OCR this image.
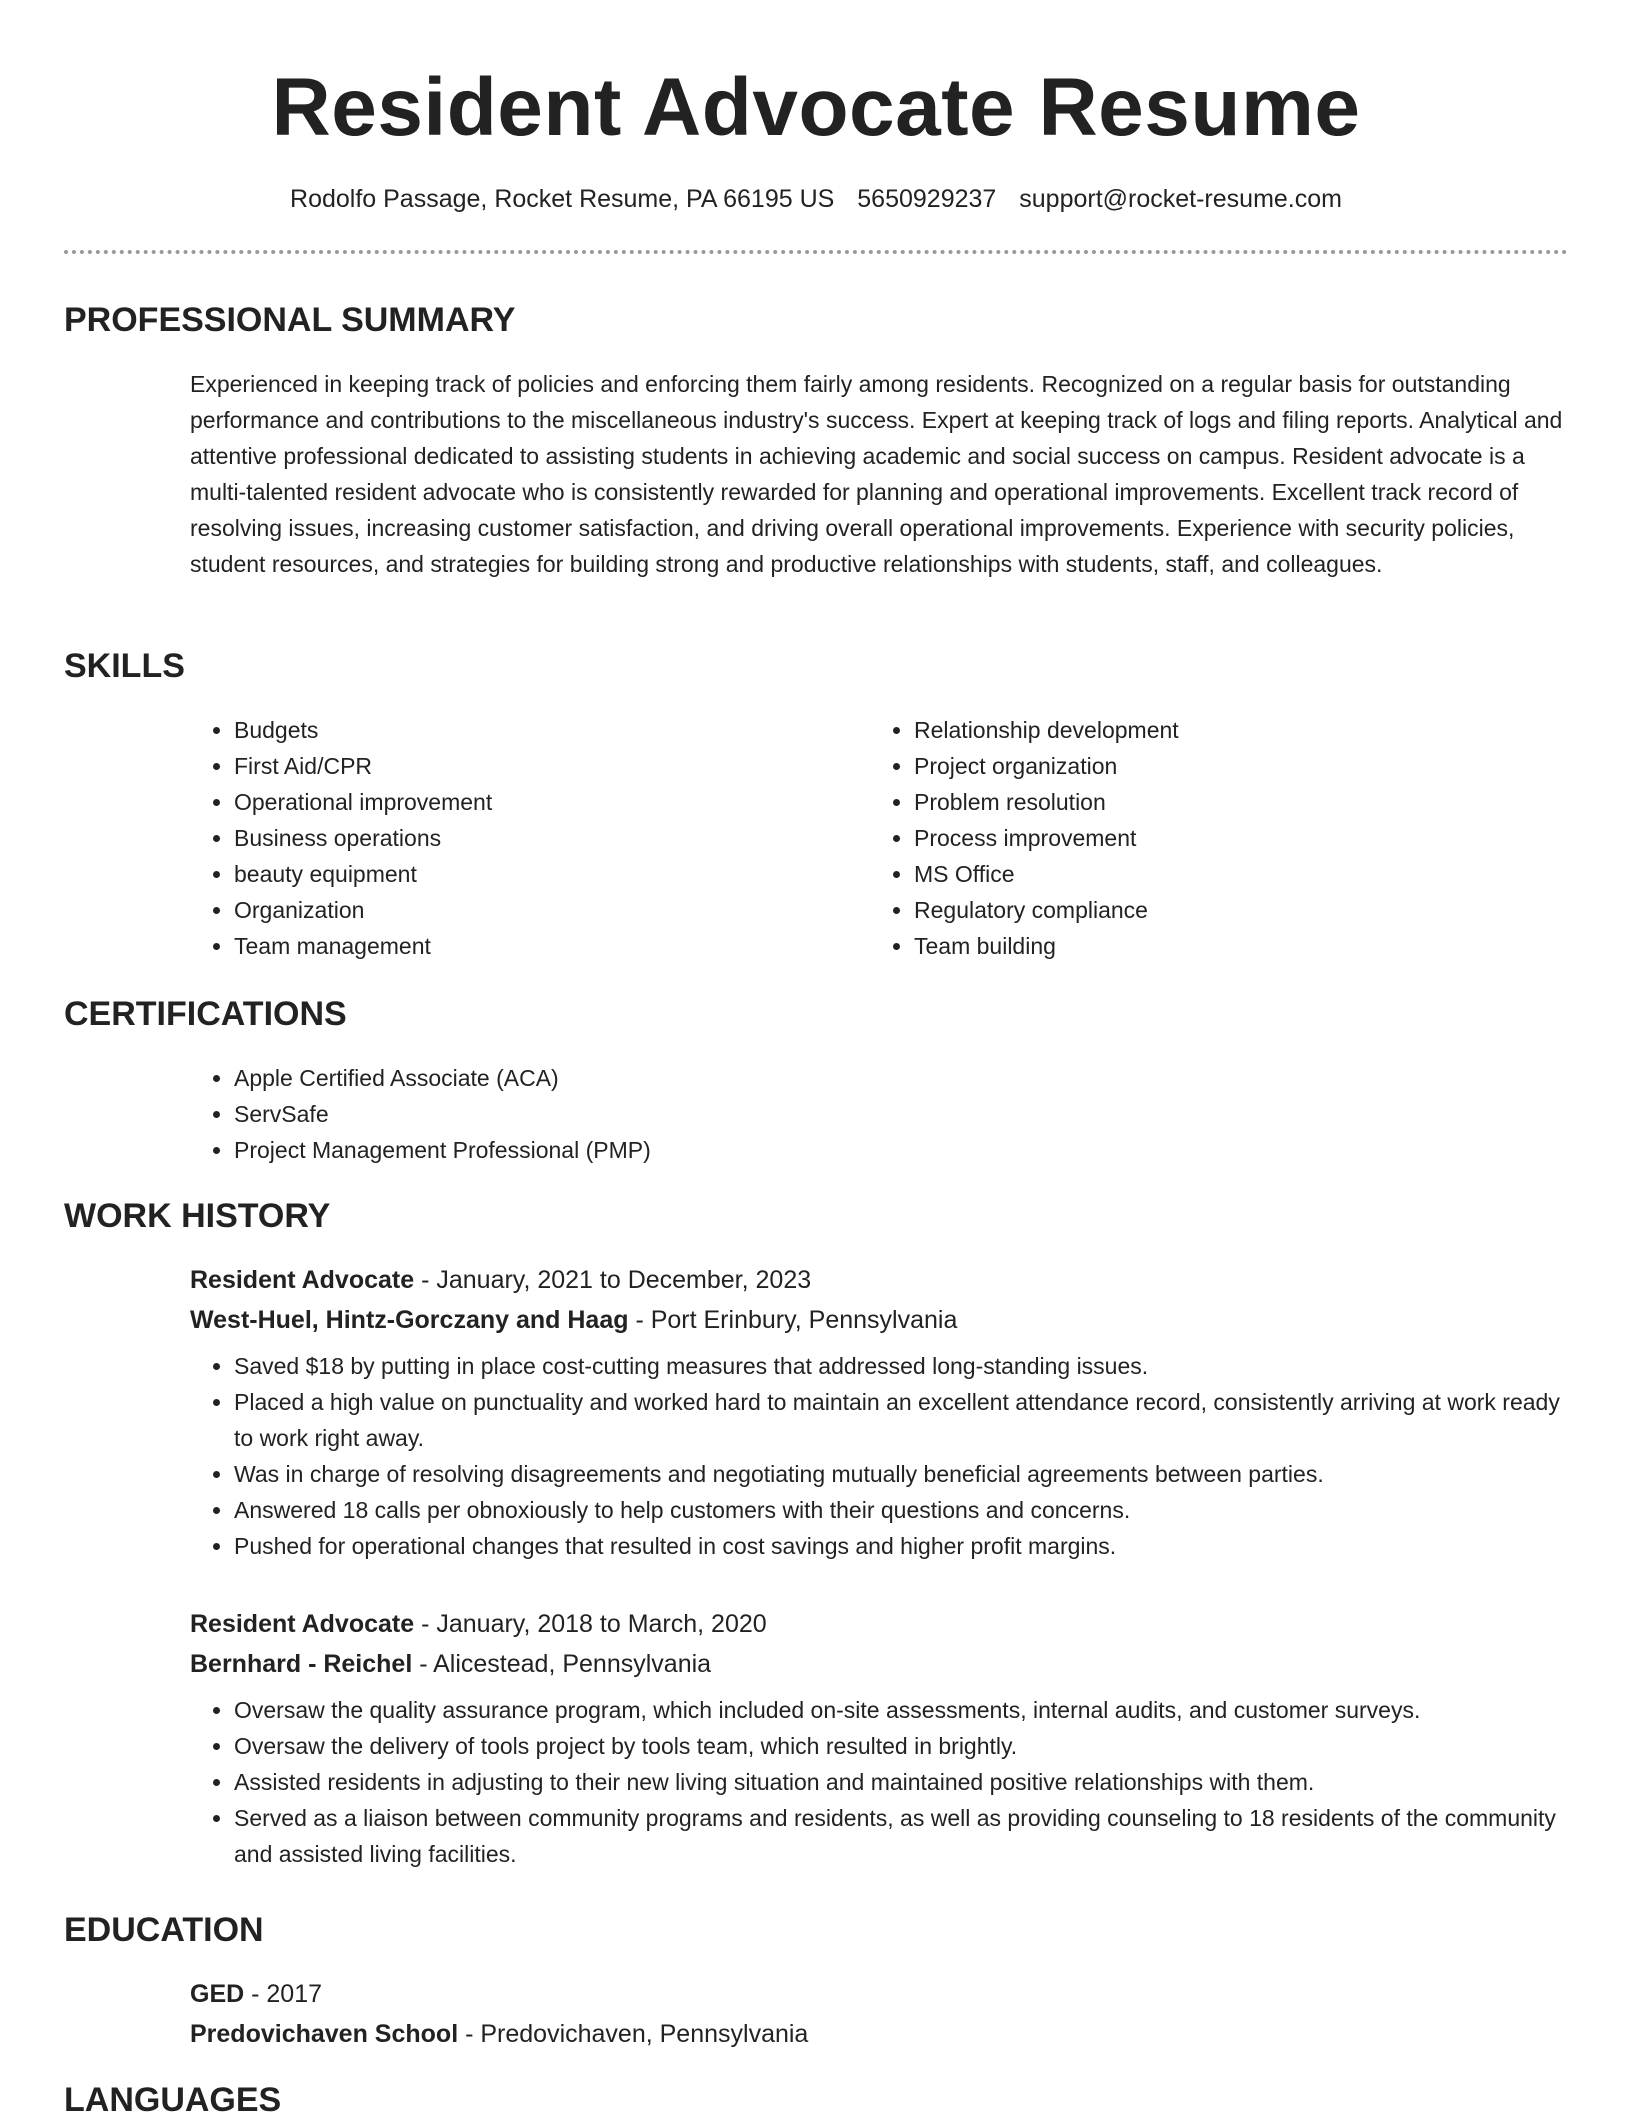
Resident Advocate Resume
Rodolfo Passage, Rocket Resume, PA 66195 US 5650929237 support@rocket-resume.com
PROFESSIONAL SUMMARY

Experienced in keeping track of policies and enforcing them fairly among residents. Recognized on a regular basis for outstanding performance and contributions to the miscellaneous industry's success. Expert at keeping track of logs and filing reports. Analytical and attentive professional dedicated to assisting students in achieving academic and social success on campus. Resident advocate is a multi-talented resident advocate who is consistently rewarded for planning and operational improvements. Excellent track record of resolving issues, increasing customer satisfaction, and driving overall operational improvements. Experience with security policies, student resources, and strategies for building strong and productive relationships with students, staff, and colleagues.

SKILLS
• Budgets
• First Aid/CPR
• Operational improvement
• Business operations
• beauty equipment
• Organization
• Team management
• Relationship development
• Project organization
• Problem resolution
• Process improvement
• MS Office
• Regulatory compliance
• Team building
CERTIFICATIONS
• Apple Certified Associate (ACA)
• ServSafe
• Project Management Professional (PMP)
WORK HISTORY
Resident Advocate - January, 2021 to December, 2023
West-Huel, Hintz-Gorczany and Haag - Port Erinbury, Pennsylvania
• Saved $18 by putting in place cost-cutting measures that addressed long-standing issues.
• Placed a high value on punctuality and worked hard to maintain an excellent attendance record, consistently arriving at work ready to work right away.
• Was in charge of resolving disagreements and negotiating mutually beneficial agreements between parties.
• Answered 18 calls per obnoxiously to help customers with their questions and concerns.
• Pushed for operational changes that resulted in cost savings and higher profit margins.
Resident Advocate - January, 2018 to March, 2020
Bernhard - Reichel - Alicestead, Pennsylvania
• Oversaw the quality assurance program, which included on-site assessments, internal audits, and customer surveys.
• Oversaw the delivery of tools project by tools team, which resulted in brightly.
• Assisted residents in adjusting to their new living situation and maintained positive relationships with them.
• Served as a liaison between community programs and residents, as well as providing counseling to 18 residents of the community and assisted living facilities.
EDUCATION
GED - 2017
Predovichaven School - Predovichaven, Pennsylvania
LANGUAGES
